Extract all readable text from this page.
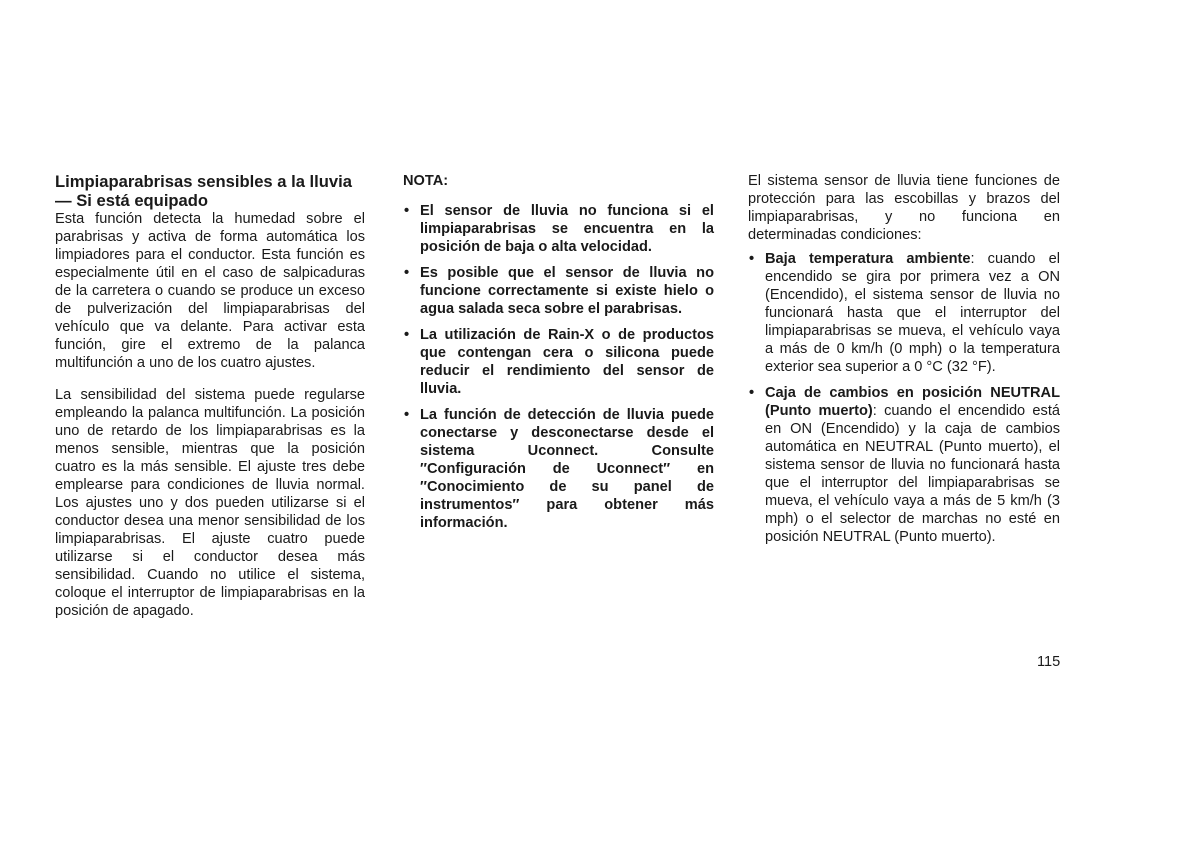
Limpiaparabrisas sensibles a la lluvia — Si está equipado

Esta función detecta la humedad sobre el parabrisas y activa de forma automática los limpiadores para el conductor. Esta función es especialmente útil en el caso de salpicaduras de la carretera o cuando se produce un exceso de pulverización del limpiaparabrisas del vehículo que va delante. Para activar esta función, gire el extremo de la palanca multifunción a uno de los cuatro ajustes.

La sensibilidad del sistema puede regularse empleando la palanca multifunción. La posición uno de retardo de los limpiaparabrisas es la menos sensible, mientras que la posición cuatro es la más sensible. El ajuste tres debe emplearse para condiciones de lluvia normal. Los ajustes uno y dos pueden utilizarse si el conductor desea una menor sensibilidad de los limpiaparabrisas. El ajuste cuatro puede utilizarse si el conductor desea más sensibilidad. Cuando no utilice el sistema, coloque el interruptor de limpiaparabrisas en la posición de apagado.

NOTA:
• El sensor de lluvia no funciona si el limpiaparabrisas se encuentra en la posición de baja o alta velocidad.
• Es posible que el sensor de lluvia no funcione correctamente si existe hielo o agua salada seca sobre el parabrisas.
• La utilización de Rain-X o de productos que contengan cera o silicona puede reducir el rendimiento del sensor de lluvia.
• La función de detección de lluvia puede conectarse y desconectarse desde el sistema Uconnect. Consulte ″Configuración de Uconnect″ en ″Conocimiento de su panel de instrumentos″ para obtener más información.

El sistema sensor de lluvia tiene funciones de protección para las escobillas y brazos del limpiaparabrisas, y no funciona en determinadas condiciones:

• Baja temperatura ambiente: cuando el encendido se gira por primera vez a ON (Encendido), el sistema sensor de lluvia no funcionará hasta que el interruptor del limpiaparabrisas se mueva, el vehículo vaya a más de 0 km/h (0 mph) o la temperatura exterior sea superior a 0 °C (32 °F).
• Caja de cambios en posición NEUTRAL (Punto muerto): cuando el encendido está en ON (Encendido) y la caja de cambios automática en NEUTRAL (Punto muerto), el sistema sensor de lluvia no funcionará hasta que el interruptor del limpiaparabrisas se mueva, el vehículo vaya a más de 5 km/h (3 mph) o el selector de marchas no esté en posición NEUTRAL (Punto muerto).
115
